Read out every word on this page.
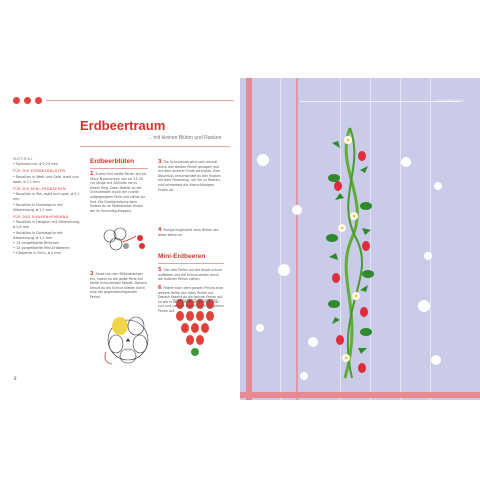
Erdbeertraum
... mit kleinen Blüten und Ranken
MATERIAL
• Nylonschnur, ø 0,25 mm
FÜR DIE ERDBEERBLÜTEN
• Rocailles in Weiß und Gelb, matt und opak, ø 2,1 mm
FÜR DIE MINI-ERDBEEREN
• Rocailles in Rot, matt und opak, ø 2,1 mm
• Rocailles in Dunkelgrün mit Silbereinzug, ø 1,5 mm
FÜR DAS RANKENARMBAND
• Rocailles in Hellgrün mit Silbereinzug, ø 2,6 mm
• Rocailles in Dunkelgrün mit Silbereinzug, ø 1,5 mm
• 14 vorgefädelte Blütchen
• 14 vorgefädelte Mini-Erdbeeren
• Glasperle in Grün, ø 4 mm
Erdbeerblüten
1 Zuerst fünf weiße Perlen auf ein Stück Nylonschnur von ca. 15–20 cm Länge auf. Schließe sie zu einem Ring. Dann fädelst du die Schnurenden durch die zuletzt aufgegangene Perle und ziehst sie fest. Die Drahtanleitung dazu findest du im Fädelskizzen finden die im Umschlag-Klappen.
2 Setze nun den Blütenstempel ein, indem du die gelbe Perle auf beide Schnurenden fädelst. Danach kreuzt du die Schnur wieder durch eine der gegenüberliegenden Perlen.
3 Die Schnurende wird nach einmal durch alle weißen Perlen gezogen und mit dem anderen Ende verknotet. Zum Abschluss verschwindet du den Knoten mit dem Feuerzeug, um ihn zu fixieren, und schneidest die überschüssigen Enden ab.
4 Fertige insgesamt neun Blüten auf diese Weise an.
Mini-Erdbeeren
5 Vier rote Perlen auf die Angel-schnur auffädeln und die Schnur-enden durch die äußeren Perlen ziehen.
6 Fädele nach dem ganzen Prinzip eine weitere Reihe von roten Perlen auf. Danach fädelst du die grünen Perlen auf, so wie in der Fädelskizze gezeigt, man nun und zieh die Enden durch die grünen Perlen auf.
8
ZUCKERSÜSS
